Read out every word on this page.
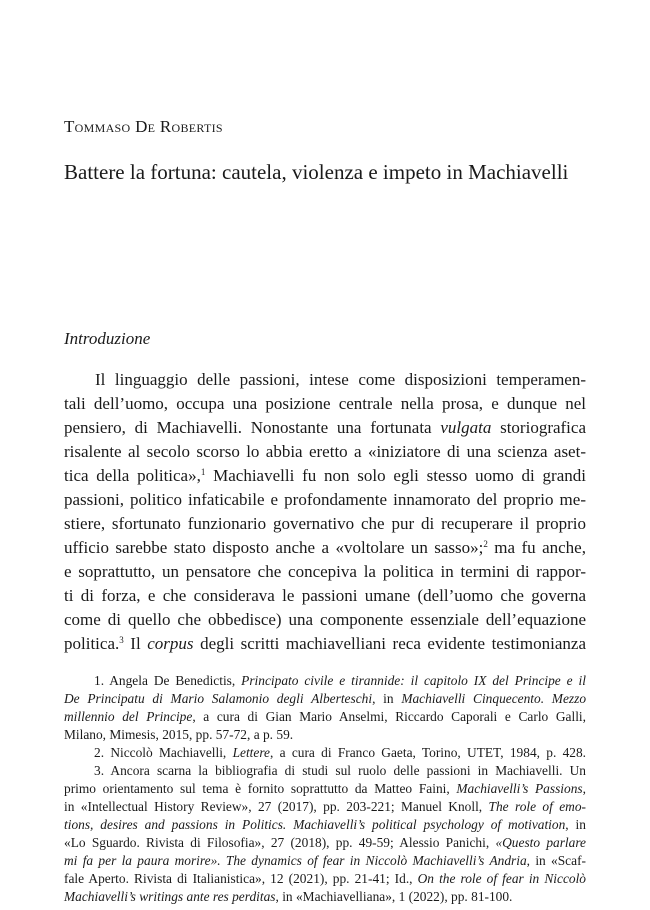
Tommaso De Robertis
Battere la fortuna: cautela, violenza e impeto in Machiavelli
Introduzione
Il linguaggio delle passioni, intese come disposizioni temperamen-
tali dell’uomo, occupa una posizione centrale nella prosa, e dunque nel
pensiero, di Machiavelli. Nonostante una fortunata vulgata storiografica
risalente al secolo scorso lo abbia eretto a «iniziatore di una scienza aset-
tica della politica»,$^1$ Machiavelli fu non solo egli stesso uomo di grandi
passioni, politico infaticabile e profondamente innamorato del proprio me-
stiere, sfortunato funzionario governativo che pur di recuperare il proprio
ufficio sarebbe stato disposto anche a «voltolare un sasso»;$^2$ ma fu anche,
e soprattutto, un pensatore che concepiva la politica in termini di rappor-
ti di forza, e che considerava le passioni umane (dell’uomo che governa
come di quello che obbedisce) una componente essenziale dell’equazione
politica.$^3$ Il corpus degli scritti machiavelliani reca evidente testimonianza
1. Angela De Benedictis, Principato civile e tirannide: il capitolo IX del Principe e il
De Principatu di Mario Salamonio degli Alberteschi, in Machiavelli Cinquecento. Mezzo
millennio del Principe, a cura di Gian Mario Anselmi, Riccardo Caporali e Carlo Galli,
Milano, Mimesis, 2015, pp. 57-72, a p. 59.
2. Niccolò Machiavelli, Lettere, a cura di Franco Gaeta, Torino, UTET, 1984, p. 428.
3. Ancora scarna la bibliografia di studi sul ruolo delle passioni in Machiavelli. Un
primo orientamento sul tema è fornito soprattutto da Matteo Faini, Machiavelli’s Passions,
in «Intellectual History Review», 27 (2017), pp. 203-221; Manuel Knoll, The role of emo-
tions, desires and passions in Politics. Machiavelli’s political psychology of motivation, in
«Lo Sguardo. Rivista di Filosofia», 27 (2018), pp. 49-59; Alessio Panichi, «Questo parlare
mi fa per la paura morire». The dynamics of fear in Niccolò Machiavelli’s Andria, in «Scaf-
fale Aperto. Rivista di Italianistica», 12 (2021), pp. 21-41; Id., On the role of fear in Niccolò
Machiavelli’s writings ante res perditas, in «Machiavelliana», 1 (2022), pp. 81-100.
